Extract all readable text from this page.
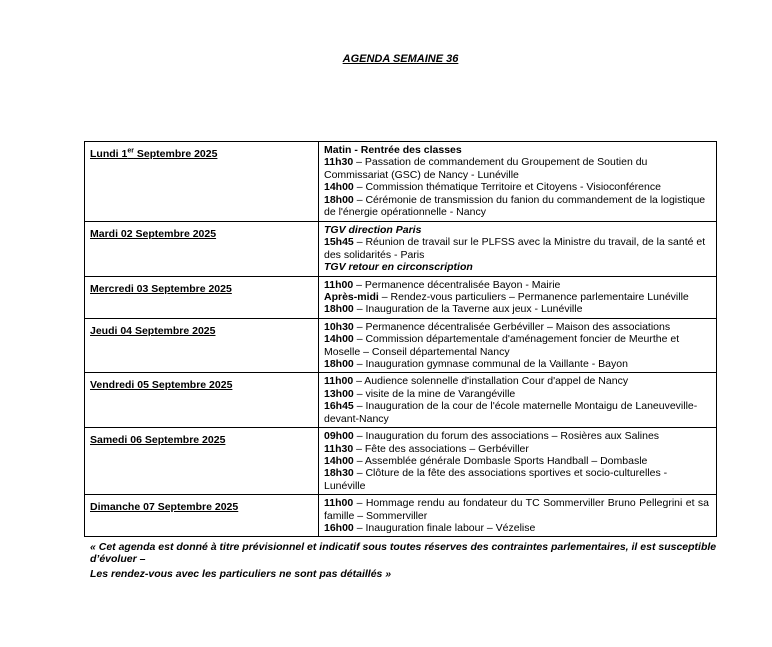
AGENDA SEMAINE 36
Lundi 1er Septembre 2025	Matin - Rentrée des classes
11h30 – Passation de commandement du Groupement de Soutien du Commissariat (GSC) de Nancy - Lunéville
14h00 – Commission thématique Territoire et Citoyens - Visioconférence
18h00 – Cérémonie de transmission du fanion du commandement de la logistique de l'énergie opérationnelle - Nancy
Mardi 02 Septembre 2025	TGV direction Paris
15h45 – Réunion de travail sur le PLFSS avec la Ministre du travail, de la santé et des solidarités - Paris
TGV retour en circonscription
Mercredi 03 Septembre 2025	11h00 – Permanence décentralisée Bayon - Mairie
Après-midi – Rendez-vous particuliers – Permanence parlementaire Lunéville
18h00 – Inauguration de la Taverne aux jeux - Lunéville
Jeudi 04 Septembre 2025	10h30 – Permanence décentralisée Gerbéviller – Maison des associations
14h00 – Commission départementale d'aménagement foncier de Meurthe et Moselle – Conseil départemental Nancy
18h00 – Inauguration gymnase communal de la Vaillante - Bayon
Vendredi 05 Septembre 2025	11h00 – Audience solennelle d'installation Cour d'appel de Nancy
13h00 – visite de la mine de Varangéville
16h45 – Inauguration de la cour de l'école maternelle Montaigu de Laneuveville-devant-Nancy
Samedi 06 Septembre 2025	09h00 – Inauguration du forum des associations – Rosières aux Salines
11h30 – Fête des associations – Gerbéviller
14h00 – Assemblée générale Dombasle Sports Handball – Dombasle
18h30 – Clôture de la fête des associations sportives et socio-culturelles - Lunéville
Dimanche 07 Septembre 2025	11h00 – Hommage rendu au fondateur du TC Sommerviller Bruno Pellegrini et sa famille – Sommerviller
16h00 – Inauguration finale labour – Vézelise
« Cet agenda est donné à titre prévisionnel et indicatif sous toutes réserves des contraintes parlementaires, il est susceptible d’évoluer –
Les rendez-vous avec les particuliers ne sont pas détaillés »
